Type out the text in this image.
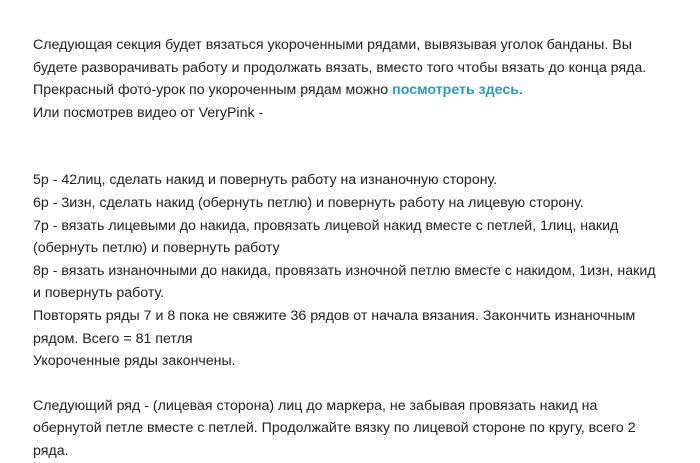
Следующая секция будет вязаться укороченными рядами, вывязывая уголок банданы. Вы
будете разворачивать работу и продолжать вязать, вместо того чтобы вязать до конца ряда.
Прекрасный фото-урок по укороченным рядам можно посмотреть здесь.
Или посмотрев видео от VeryPink -
5р - 42лиц, сделать накид и повернуть работу на изнаночную сторону.
6р - 3изн, сделать накид (обернуть петлю) и повернуть работу на лицевую сторону.
7р - вязать лицевыми до накида, провязать лицевой накид вместе с петлей, 1лиц, накид
(обернуть петлю) и повернуть работу
8р - вязать изнаночными до накида, провязать изночной петлю вместе с накидом, 1изн, накид
и повернуть работу.
Повторять ряды 7 и 8 пока не свяжите 36 рядов от начала вязания. Закончить изнаночным
рядом. Всего = 81 петля
Укороченные ряды закончены.
Следующий ряд - (лицевая сторона) лиц до маркера, не забывая провязать накид на
обернутой петле вместе с петлей. Продолжайте вязку по лицевой стороне по кругу, всего 2
ряда.
